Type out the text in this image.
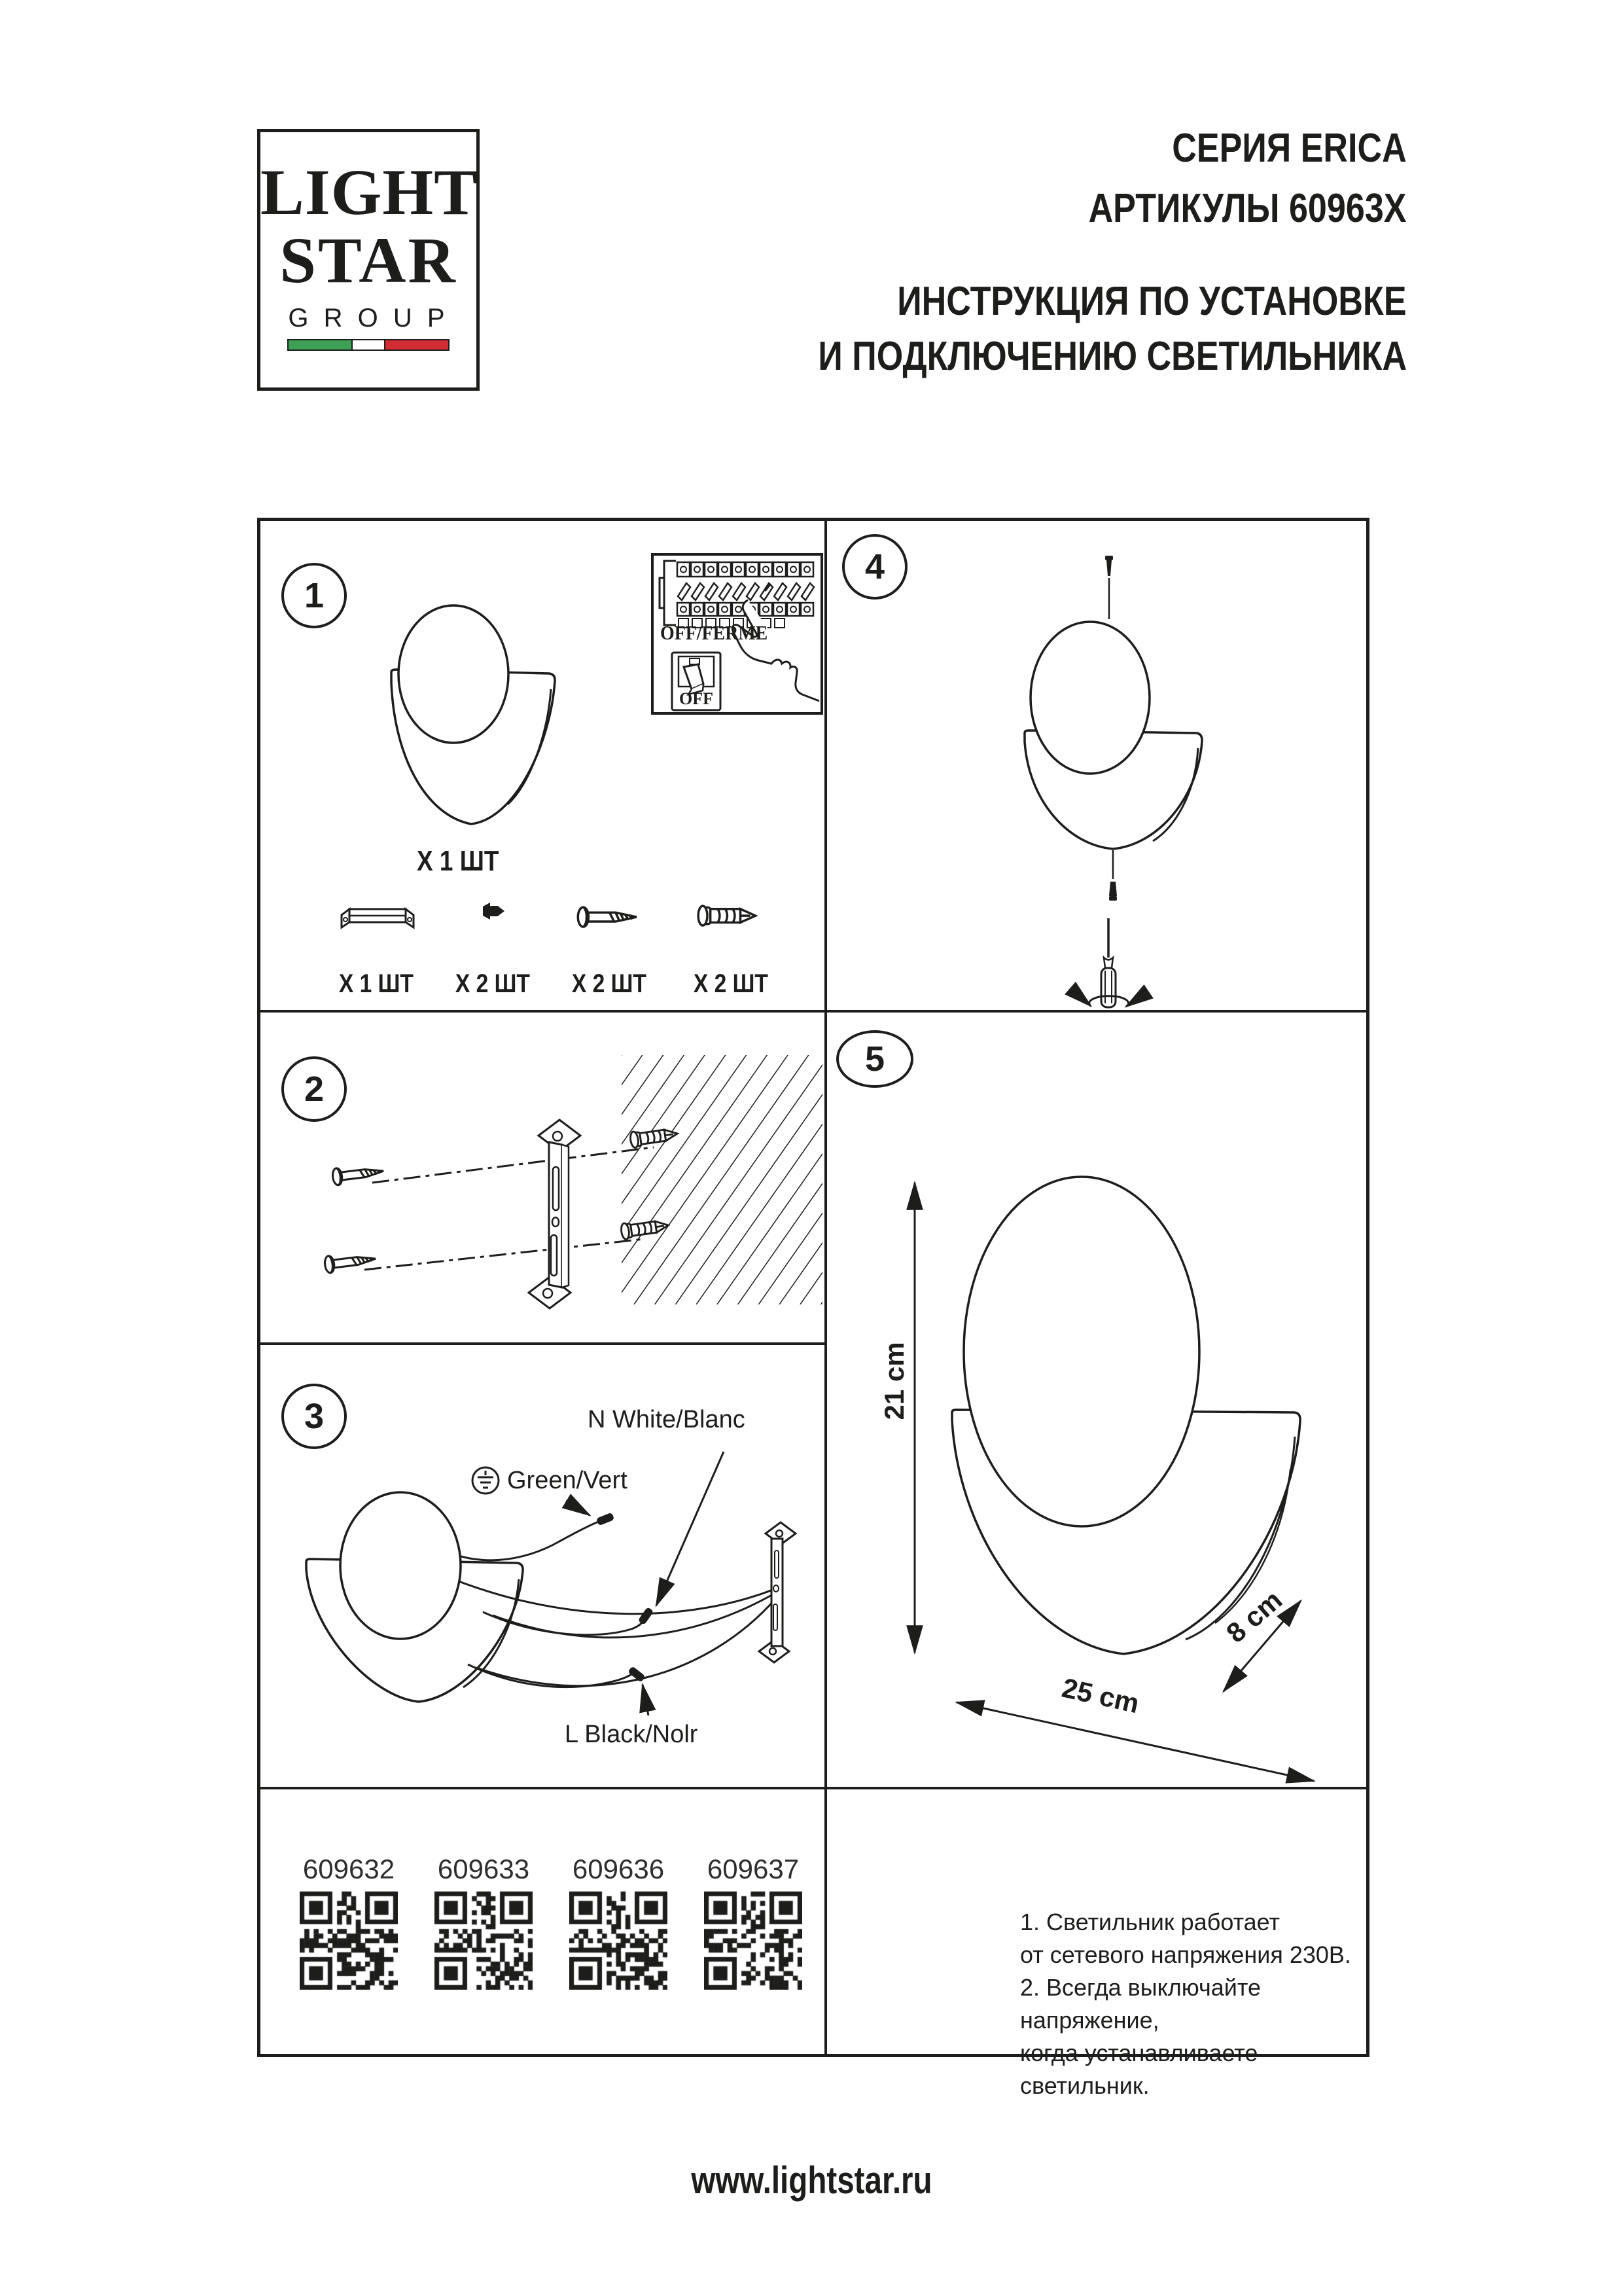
LIGHT
STAR
G R O U P
СЕРИЯ ERICA
АРТИКУЛЫ 60963Х
ИНСТРУКЦИЯ ПО УСТАНОВКЕ
И ПОДКЛЮЧЕНИЮ СВЕТИЛЬНИКА
1
X 1 ШТ
X 1 ШТ	X 2 ШТ	X 2 ШТ	X 2 ШТ
OFF/FERME
OFF
2
3	N White/Blanc
Green/Vert
L Black/Nolr
609632	609633	609636	609637
4
5
21 cm
25 cm
8 cm
1. Светильник работает
от сетевого напряжения 230В.
2. Всегда выключайте напряжение,
когда устанавливаете светильник.
www.lightstar.ru
